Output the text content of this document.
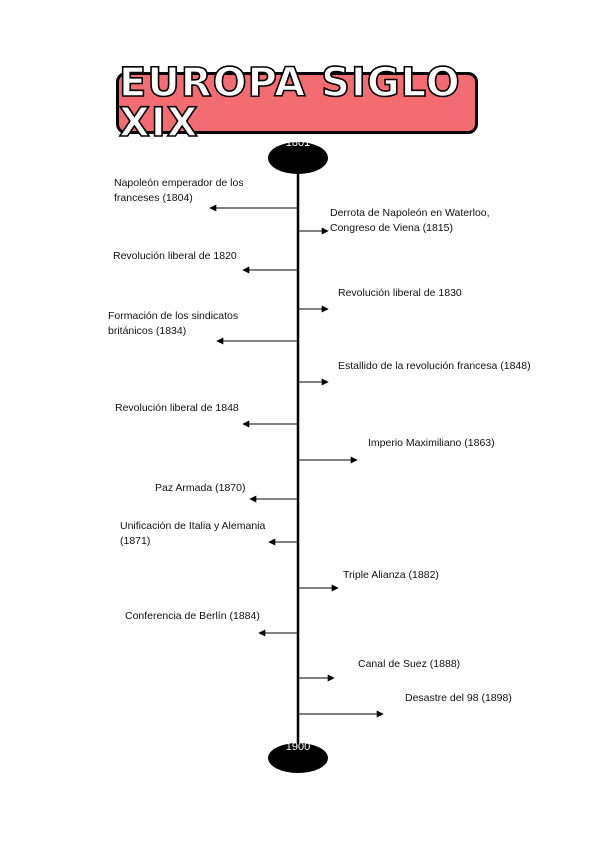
EUROPA SIGLO XIX	1801
1900
Napoleón emperador de los
franceses (1804)
Derrota de Napoleón en Waterloo,
Congreso de Viena (1815)
Revolución liberal de 1820
Revolución liberal de 1830
Formación de los sindicatos
británicos (1834)
Estallido de la revolución francesa (1848)
Revolución liberal de 1848
Imperio Maximiliano (1863)
Paz Armada (1870)
Unificación de Italia y Alemania
(1871)
Triple Alianza (1882)
Conferencia de Berlín (1884)
Canal de Suez (1888)
Desastre del 98 (1898)
